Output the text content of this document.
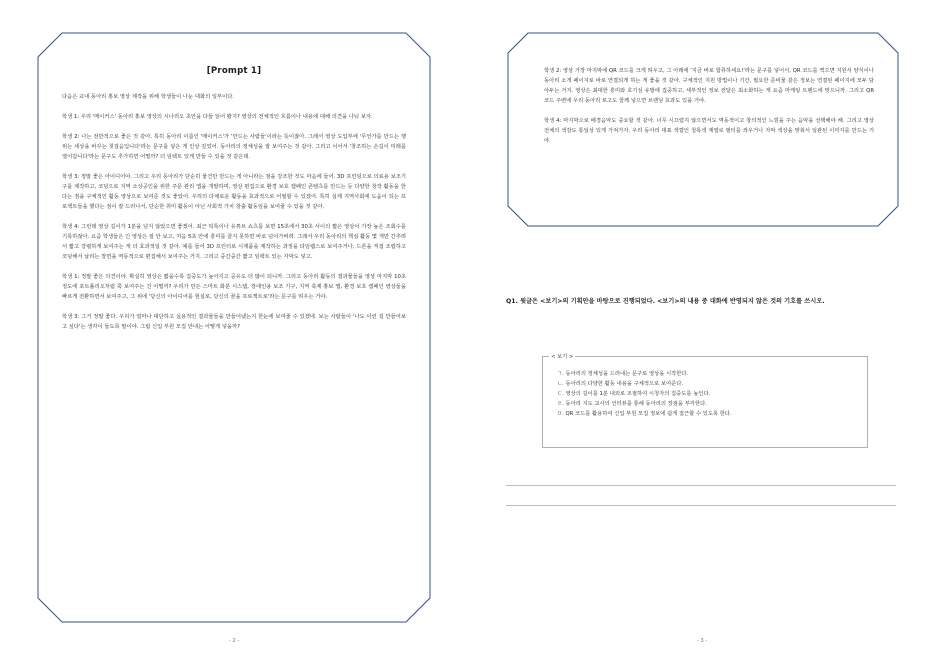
[Prompt 1]

다음은 교내 동아리 홍보 영상 제작을 위해 학생들이 나눈 대화의 일부이다.

학생 1: 우리 '메이커스' 동아리 홍보 영상의 시나리오 초안을 다들 읽어 봤지? 영상의 전체적인 흐름이나 내용에 대해 의견을 나눠 보자.

학생 2: 나는 전반적으로 좋은 것 같아. 특히 동아리 이름인 '메이커스'가 '만드는 사람들'이라는 뜻이잖아. 그래서 영상 도입부에 '무언가를 만드는 행위는 세상을 바꾸는 첫걸음입니다'라는 문구를 넣은 게 인상 깊었어. 동아리의 정체성을 잘 보여주는 것 같아. 그리고 이어서 '창조하는 손길이 미래를 열어갑니다'라는 문구도 추가하면 어떨까? 더 임팩트 있게 만들 수 있을 것 같은데.

학생 3: 정말 좋은 아이디어야. 그리고 우리 동아리가 단순히 물건만 만드는 게 아니라는 점을 강조한 것도 마음에 들어. 3D 프린팅으로 의료용 보조기구를 제작하고, 코딩으로 지역 소상공인을 위한 주문 관리 앱을 개발하며, 영상 편집으로 환경 보호 캠페인 콘텐츠를 만드는 등 다양한 창작 활동을 한다는 점을 구체적인 활동 영상으로 보여준 것도 좋았어. 우리의 다채로운 활동을 효과적으로 어필할 수 있겠어. 특히 실제 지역사회에 도움이 되는 프로젝트들을 했다는 점이 잘 드러나서, 단순한 취미 활동이 아닌 사회적 가치 창출 활동임을 보여줄 수 있을 것 같아.

학생 4: 그런데 영상 길이가 1분을 넘지 않았으면 좋겠어. 최근 틱톡이나 유튜브 쇼츠를 보면 15초에서 30초 사이의 짧은 영상이 가장 높은 조회수를 기록하잖아. 요즘 학생들은 긴 영상은 잘 안 보고, 처음 5초 안에 흥미를 끌지 못하면 바로 넘어가버려. 그래서 우리 동아리의 핵심 활동 몇 개만 간추려서 짧고 강렬하게 보여주는 게 더 효과적일 것 같아. 예를 들어 3D 프린터로 시제품을 제작하는 과정을 타임랩스로 보여주거나, 드론을 직접 조립하고 코딩해서 날리는 장면을 역동적으로 편집해서 보여주는 거지. 그리고 중간중간 짧고 임팩트 있는 자막도 넣고.

학생 1: 정말 좋은 의견이야. 확실히 영상은 짧을수록 집중도가 높아지고 공유도 더 많이 되니까. 그리고 동아리 활동의 결과물들을 영상 마지막 10초 정도에 포트폴리오처럼 쭉 보여주는 건 어떨까? 우리가 만든 스마트 화분 시스템, 장애인용 보조 기구, 지역 축제 홍보 앱, 환경 보호 캠페인 영상들을 빠르게 전환하면서 보여주고, 그 위에 '당신의 아이디어를 현실로, 당신의 꿈을 프로젝트로'라는 문구를 띄우는 거야.

학생 3: 그거 정말 좋다. 우리가 얼마나 대단하고 실용적인 결과물들을 만들어냈는지 한눈에 보여줄 수 있겠네. 보는 사람들이 '나도 이런 걸 만들어보고 싶다'는 생각이 들도록 말이야. 그럼 신입 부원 모집 안내는 어떻게 넣을까?

- 2 -

학생 2: 영상 가장 마지막에 QR 코드를 크게 띄우고, 그 아래에 '지금 바로 합류하세요!'라는 문구를 넣어서, QR 코드를 찍으면 지원서 양식이나 동아리 소개 페이지로 바로 연결되게 하는 게 좋을 것 같아. 구체적인 지원 방법이나 기간, 필요한 준비물 같은 정보는 연결된 페이지에 모두 담아두는 거지. 영상은 최대한 흥미와 호기심 유발에 집중하고, 세부적인 정보 전달은 최소화하는 게 요즘 마케팅 트렌드에 맞으니까. 그리고 QR 코드 주변에 우리 동아리 로고도 함께 넣으면 브랜딩 효과도 있을 거야.

학생 4: 마지막으로 배경음악도 중요할 것 같아. 너무 시끄럽지 않으면서도 역동적이고 창의적인 느낌을 주는 음악을 선택해야 해. 그리고 영상 전체의 색감도 통일성 있게 가져가자. 우리 동아리 대표 색깔인 청록색 계열로 필터를 씌우거나 자막 색상을 맞춰서 일관된 이미지를 만드는 거야.

Q1. 윗글은 <보기>의 기획안을 바탕으로 진행되었다. <보기>의 내용 중 대화에 반영되지 않은 것의 기호를 쓰시오.
< 보기 >
ㄱ. 동아리의 정체성을 드러내는 문구로 영상을 시작한다.
ㄴ. 동아리의 다양한 활동 내용을 구체적으로 보여준다.
ㄷ. 영상의 길이를 1분 내외로 조절하여 시청자의 집중도를 높인다.
ㄹ. 동아리 지도 교사의 인터뷰를 통해 동아리의 장점을 부각한다.
ㅁ. QR 코드를 활용하여 신입 부원 모집 정보에 쉽게 접근할 수 있도록 한다.
- 3 -
